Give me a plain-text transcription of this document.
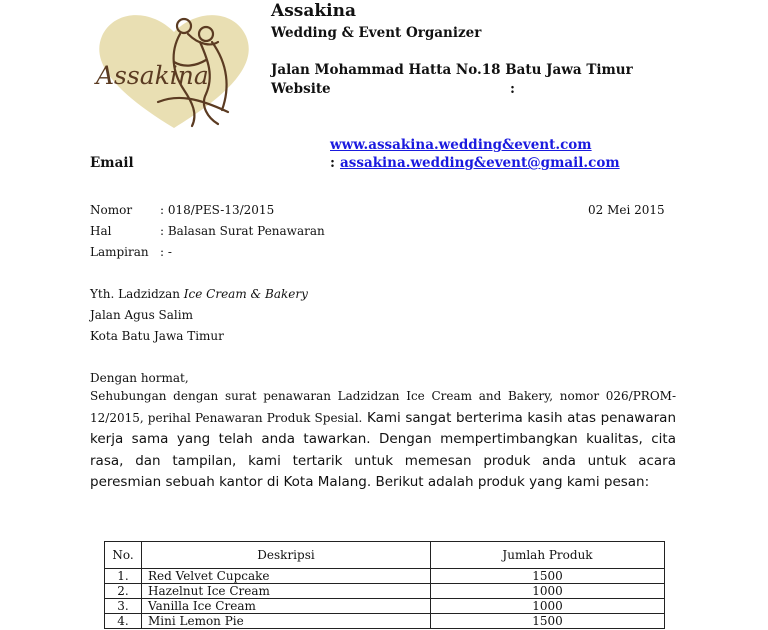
Assakina
Assakina
Wedding & Event Organizer
Jalan Mohammad Hatta No.18 Batu Jawa Timur
Website	:
www.assakina.wedding&event.com
Email	: assakina.wedding&event@gmail.com
Nomor : 018/PES-13/2015	02 Mei 2015
Hal	: Balasan Surat Penawaran
Lampiran : -
Yth. Ladzidzan Ice Cream & Bakery
Jalan Agus Salim
Kota Batu Jawa Timur
Dengan hormat,
Sehubungan dengan surat penawaran Ladzidzan Ice Cream and Bakery, nomor 026/PROM-12/2015, perihal Penawaran Produk Spesial. Kami sangat berterima kasih atas penawaran kerja sama yang telah anda tawarkan. Dengan mempertimbangkan kualitas, cita rasa, dan tampilan, kami tertarik untuk memesan produk anda untuk acara peresmian sebuah kantor di Kota Malang. Berikut adalah produk yang kami pesan:
No.	Deskripsi	Jumlah Produk
1.	Red Velvet Cupcake	1500
2.	Hazelnut Ice Cream	1000
3.	Vanilla Ice Cream	1000
4.	Mini Lemon Pie	1500
